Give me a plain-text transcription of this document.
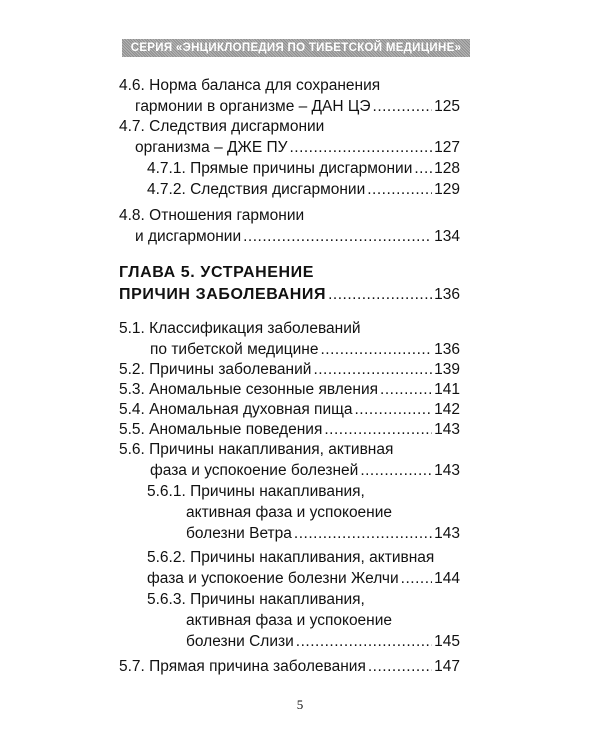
СЕРИЯ «ЭНЦИКЛОПЕДИЯ ПО ТИБЕТСКОЙ МЕДИЦИНЕ»
4.6. Норма баланса для сохранения
гармонии в организме – ДАН ЦЭ .....	125
4.7. Следствия дисгармонии
организма – ДЖЕ ПУ .....	127
4.7.1. Прямые причины дисгармонии ..... 128
4.7.2. Следствия дисгармонии .....	129
4.8. Отношения гармонии
и дисгармонии .....	134
ГЛАВА 5. УСТРАНЕНИЕ
ПРИЧИН ЗАБОЛЕВАНИЯ .....	136
5.1. Классификация заболеваний
по тибетской медицине .....	136
5.2. Причины заболеваний .....	139
5.3. Аномальные сезонные явления .....	141
5.4. Аномальная духовная пища .....	142
5.5. Аномальные поведения .....	143
5.6. Причины накапливания, активная
фаза и успокоение болезней .....	143
5.6.1. Причины накапливания,
активная фаза и успокоение
болезни Ветра .....	143
5.6.2. Причины накапливания, активная
фаза и успокоение болезни Желчи ..... 144
5.6.3. Причины накапливания,
активная фаза и успокоение
болезни Слизи .....	145
5.7. Прямая причина заболевания .....	147
5
